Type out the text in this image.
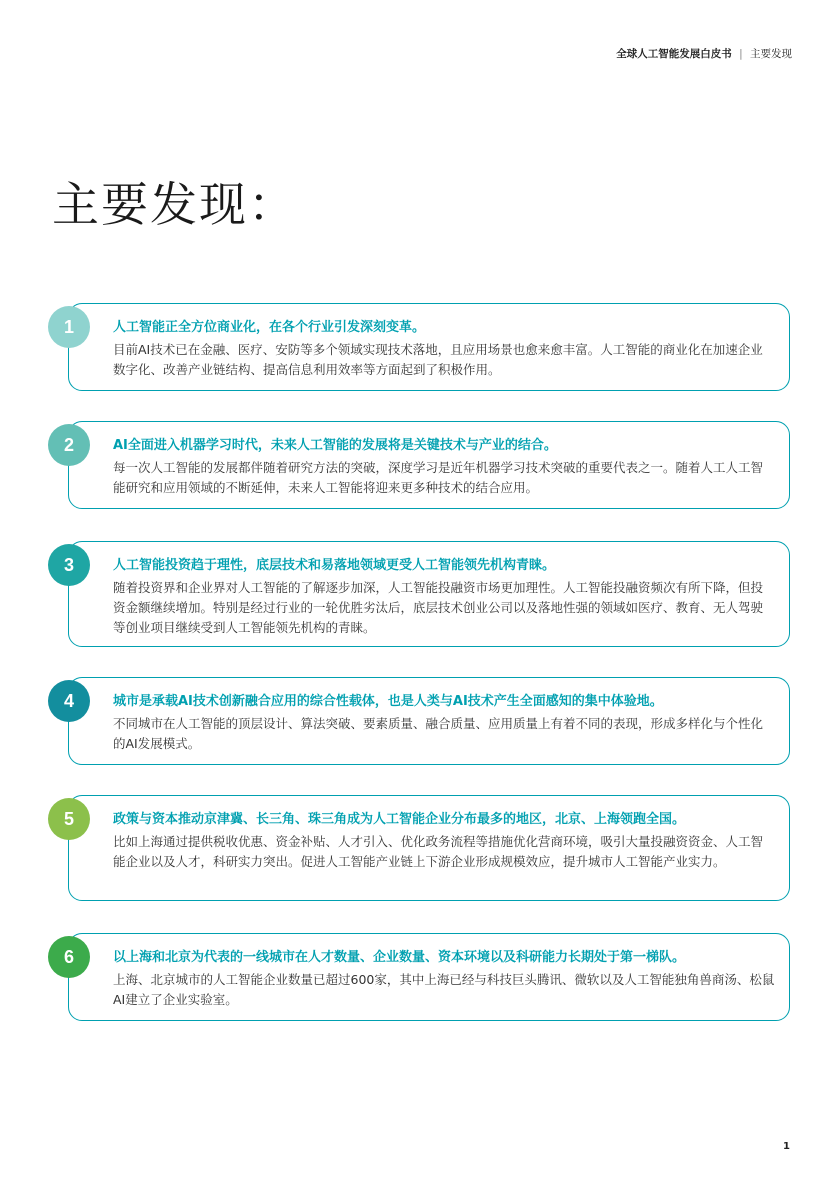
全球人工智能发展白皮书 | 主要发现
主要发现：
1	人工智能正全方位商业化，在各个行业引发深刻变革。
目前AI技术已在金融、医疗、安防等多个领域实现技术落地，且应用场景也愈来愈丰富。人工智能的商业化在加速企业数字化、改善产业链结构、提高信息利用效率等方面起到了积极作用。
2	AI全面进入机器学习时代，未来人工智能的发展将是关键技术与产业的结合。
每一次人工智能的发展都伴随着研究方法的突破，深度学习是近年机器学习技术突破的重要代表之一。随着人工人工智能研究和应用领域的不断延伸，未来人工智能将迎来更多种技术的结合应用。
3	人工智能投资趋于理性，底层技术和易落地领域更受人工智能领先机构青睐。
随着投资界和企业界对人工智能的了解逐步加深，人工智能投融资市场更加理性。人工智能投融资频次有所下降，但投资金额继续增加。特别是经过行业的一轮优胜劣汰后，底层技术创业公司以及落地性强的领域如医疗、教育、无人驾驶等创业项目继续受到人工智能领先机构的青睐。
4	城市是承载AI技术创新融合应用的综合性载体，也是人类与AI技术产生全面感知的集中体验地。
不同城市在人工智能的顶层设计、算法突破、要素质量、融合质量、应用质量上有着不同的表现，形成多样化与个性化的AI发展模式。
5	政策与资本推动京津冀、长三角、珠三角成为人工智能企业分布最多的地区，北京、上海领跑全国。
比如上海通过提供税收优惠、资金补贴、人才引入、优化政务流程等措施优化营商环境，吸引大量投融资资金、人工智能企业以及人才，科研实力突出。促进人工智能产业链上下游企业形成规模效应，提升城市人工智能产业实力。
6	以上海和北京为代表的一线城市在人才数量、企业数量、资本环境以及科研能力长期处于第一梯队。
上海、北京城市的人工智能企业数量已超过600家，其中上海已经与科技巨头腾讯、微软以及人工智能独角兽商汤、松鼠AI建立了企业实验室。
1
